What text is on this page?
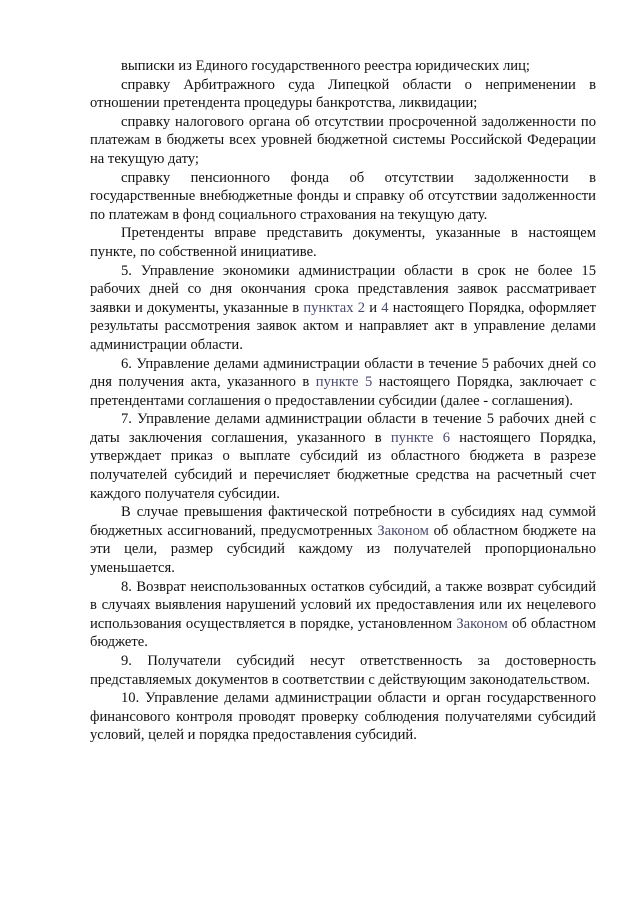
выписки из Единого государственного реестра юридических лиц;

справку Арбитражного суда Липецкой области о неприменении в отношении претендента процедуры банкротства, ликвидации;

справку налогового органа об отсутствии просроченной задолженности по платежам в бюджеты всех уровней бюджетной системы Российской Федерации на текущую дату;

справку пенсионного фонда об отсутствии задолженности в государственные внебюджетные фонды и справку об отсутствии задолженности по платежам в фонд социального страхования на текущую дату.

Претенденты вправе представить документы, указанные в настоящем пункте, по собственной инициативе.

5. Управление экономики администрации области в срок не более 15 рабочих дней со дня окончания срока представления заявок рассматривает заявки и документы, указанные в пунктах 2 и 4 настоящего Порядка, оформляет результаты рассмотрения заявок актом и направляет акт в управление делами администрации области.

6. Управление делами администрации области в течение 5 рабочих дней со дня получения акта, указанного в пункте 5 настоящего Порядка, заключает с претендентами соглашения о предоставлении субсидии (далее - соглашения).

7. Управление делами администрации области в течение 5 рабочих дней с даты заключения соглашения, указанного в пункте 6 настоящего Порядка, утверждает приказ о выплате субсидий из областного бюджета в разрезе получателей субсидий и перечисляет бюджетные средства на расчетный счет каждого получателя субсидии.

В случае превышения фактической потребности в субсидиях над суммой бюджетных ассигнований, предусмотренных Законом об областном бюджете на эти цели, размер субсидий каждому из получателей пропорционально уменьшается.

8. Возврат неиспользованных остатков субсидий, а также возврат субсидий в случаях выявления нарушений условий их предоставления или их нецелевого использования осуществляется в порядке, установленном Законом об областном бюджете.

9. Получатели субсидий несут ответственность за достоверность представляемых документов в соответствии с действующим законодательством.

10. Управление делами администрации области и орган государственного финансового контроля проводят проверку соблюдения получателями субсидий условий, целей и порядка предоставления субсидий.
